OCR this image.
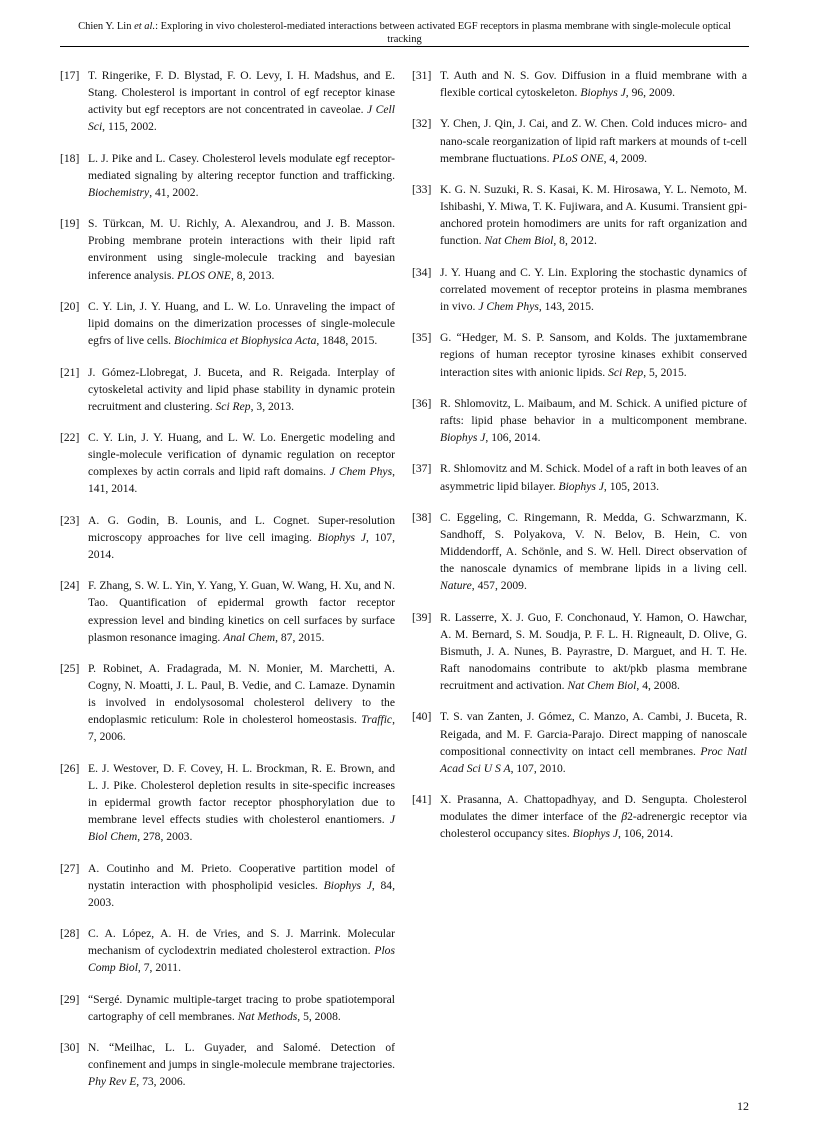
Chien Y. Lin et al.: Exploring in vivo cholesterol-mediated interactions between activated EGF receptors in plasma membrane with single-molecule optical tracking
[17] T. Ringerike, F. D. Blystad, F. O. Levy, I. H. Madshus, and E. Stang. Cholesterol is important in control of egf receptor kinase activity but egf receptors are not concentrated in caveolae. J Cell Sci, 115, 2002.
[18] L. J. Pike and L. Casey. Cholesterol levels modulate egf receptor-mediated signaling by altering receptor function and trafficking. Biochemistry, 41, 2002.
[19] S. Türkcan, M. U. Richly, A. Alexandrou, and J. B. Masson. Probing membrane protein interactions with their lipid raft environment using single-molecule tracking and bayesian inference analysis. PLOS ONE, 8, 2013.
[20] C. Y. Lin, J. Y. Huang, and L. W. Lo. Unraveling the impact of lipid domains on the dimerization processes of single-molecule egfrs of live cells. Biochimica et Biophysica Acta, 1848, 2015.
[21] J. Gómez-Llobregat, J. Buceta, and R. Reigada. Interplay of cytoskeletal activity and lipid phase stability in dynamic protein recruitment and clustering. Sci Rep, 3, 2013.
[22] C. Y. Lin, J. Y. Huang, and L. W. Lo. Energetic modeling and single-molecule verification of dynamic regulation on receptor complexes by actin corrals and lipid raft domains. J Chem Phys, 141, 2014.
[23] A. G. Godin, B. Lounis, and L. Cognet. Super-resolution microscopy approaches for live cell imaging. Biophys J, 107, 2014.
[24] F. Zhang, S. W. L. Yin, Y. Yang, Y. Guan, W. Wang, H. Xu, and N. Tao. Quantification of epidermal growth factor receptor expression level and binding kinetics on cell surfaces by surface plasmon resonance imaging. Anal Chem, 87, 2015.
[25] P. Robinet, A. Fradagrada, M. N. Monier, M. Marchetti, A. Cogny, N. Moatti, J. L. Paul, B. Vedie, and C. Lamaze. Dynamin is involved in endolysosomal cholesterol delivery to the endoplasmic reticulum: Role in cholesterol homeostasis. Traffic, 7, 2006.
[26] E. J. Westover, D. F. Covey, H. L. Brockman, R. E. Brown, and L. J. Pike. Cholesterol depletion results in site-specific increases in epidermal growth factor receptor phosphorylation due to membrane level effects studies with cholesterol enantiomers. J Biol Chem, 278, 2003.
[27] A. Coutinho and M. Prieto. Cooperative partition model of nystatin interaction with phospholipid vesicles. Biophys J, 84, 2003.
[28] C. A. López, A. H. de Vries, and S. J. Marrink. Molecular mechanism of cyclodextrin mediated cholesterol extraction. Plos Comp Biol, 7, 2011.
[29] “Sergé. Dynamic multiple-target tracing to probe spatiotemporal cartography of cell membranes. Nat Methods, 5, 2008.
[30] N. “Meilhac, L. L. Guyader, and Salomé. Detection of confinement and jumps in single-molecule membrane trajectories. Phy Rev E, 73, 2006.
[31] T. Auth and N. S. Gov. Diffusion in a fluid membrane with a flexible cortical cytoskeleton. Biophys J, 96, 2009.
[32] Y. Chen, J. Qin, J. Cai, and Z. W. Chen. Cold induces micro- and nano-scale reorganization of lipid raft markers at mounds of t-cell membrane fluctuations. PLoS ONE, 4, 2009.
[33] K. G. N. Suzuki, R. S. Kasai, K. M. Hirosawa, Y. L. Nemoto, M. Ishibashi, Y. Miwa, T. K. Fujiwara, and A. Kusumi. Transient gpi-anchored protein homodimers are units for raft organization and function. Nat Chem Biol, 8, 2012.
[34] J. Y. Huang and C. Y. Lin. Exploring the stochastic dynamics of correlated movement of receptor proteins in plasma membranes in vivo. J Chem Phys, 143, 2015.
[35] G. “Hedger, M. S. P. Sansom, and Kolds. The juxtamembrane regions of human receptor tyrosine kinases exhibit conserved interaction sites with anionic lipids. Sci Rep, 5, 2015.
[36] R. Shlomovitz, L. Maibaum, and M. Schick. A unified picture of rafts: lipid phase behavior in a multicomponent membrane. Biophys J, 106, 2014.
[37] R. Shlomovitz and M. Schick. Model of a raft in both leaves of an asymmetric lipid bilayer. Biophys J, 105, 2013.
[38] C. Eggeling, C. Ringemann, R. Medda, G. Schwarzmann, K. Sandhoff, S. Polyakova, V. N. Belov, B. Hein, C. von Middendorff, A. Schönle, and S. W. Hell. Direct observation of the nanoscale dynamics of membrane lipids in a living cell. Nature, 457, 2009.
[39] R. Lasserre, X. J. Guo, F. Conchonaud, Y. Hamon, O. Hawchar, A. M. Bernard, S. M. Soudja, P. F. L. H. Rigneault, D. Olive, G. Bismuth, J. A. Nunes, B. Payrastre, D. Marguet, and H. T. He. Raft nanodomains contribute to akt/pkb plasma membrane recruitment and activation. Nat Chem Biol, 4, 2008.
[40] T. S. van Zanten, J. Gómez, C. Manzo, A. Cambi, J. Buceta, R. Reigada, and M. F. Garcia-Parajo. Direct mapping of nanoscale compositional connectivity on intact cell membranes. Proc Natl Acad Sci U S A, 107, 2010.
[41] X. Prasanna, A. Chattopadhyay, and D. Sengupta. Cholesterol modulates the dimer interface of the β2-adrenergic receptor via cholesterol occupancy sites. Biophys J, 106, 2014.
12
